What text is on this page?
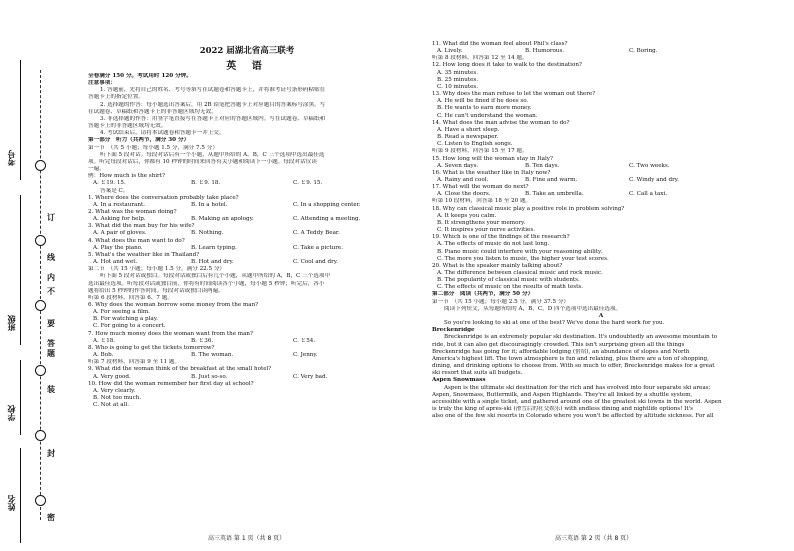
考号
班级
学校
姓名
订
线
内
不
要
答
题
装
封
密
2022 届湖北省高三联考
英 语

全卷满分 150 分。考试用时 120 分钟。

注意事项：

1. 答题前，先将自己的姓名、考号等填写在试题卷和答题卡上，并将准考证号条形码粘贴在

答题卡上的指定位置。

2. 选择题的作答：每小题选出答案后，用 2B 铅笔把答题卡上对应题目的答案标号涂黑。写

在试题卷、草稿纸和答题卡上的非答题区域均无效。

3. 非选择题的作答：用签字笔直接写在答题卡上对应的答题区域内。写在试题卷、草稿纸和

答题卡上的非答题区域均无效。

4. 考试结束后，请将本试题卷和答题卡一并上交。

第一部分　听力（共两节，满分 30 分）

第一节　（共 5 小题；每小题 1.5 分，满分 7.5 分）

听下面 5 段对话。每段对话后有一个小题，从题中所给的 A，B，C 三个选项中选出最佳选

项。听完每段对话后，你都有 10 秒钟的时间来回答有关小题和阅读下一小题。每段对话仅读

一遍。

例：How much is the shirt?

A. ￡19. 15.	B. ￡9. 18.	C. ￡9. 15.

答案是 C。

1. Where does the conversation probably take place?

A. In a restaurant.	B. In a hotel.	C. In a shopping center.

2. What was the woman doing?

A. Asking for help.	B. Making an apology.	C. Attending a meeting.

3. What did the man buy for his wife?

A. A pair of gloves.	B. Nothing.	C. A Teddy Bear.

4. What does the man want to do?

A. Play the piano.	B. Learn typing.	C. Take a picture.

5. What's the weather like in Thailand?

A. Hot and wet.	B. Hot and dry.	C. Cool and dry.

第二节　（共 15 小题；每小题 1.5 分，满分 22.5 分）

听下面 5 段对话或独白。每段对话或独白后有几个小题，从题中所给的 A，B，C 三个选项中

选出最佳选项。听每段对话或独白前，你将有时间阅读各个小题，每小题 5 秒钟；听完后，各小

题将给出 5 秒钟的作答时间。每段对话或独白读两遍。

听第 6 段材料，回答第 6、7 题。

6. Why does the woman borrow some money from the man?

A. For seeing a film.

B. For watching a play.

C. For going to a concert.

7. How much money does the woman want from the man?

A. ￡18.	B. ￡36.	C. ￡54.

8. Who is going to get the tickets tomorrow?

A. Bob.	B. The woman.	C. Jenny.

听第 7 段材料，回答第 9 至 11 题。

9. What did the woman think of the breakfast at the small hotel?

A. Very good.	B. Just so-so.	C. Very bad.

10. How did the woman remember her first day at school?

A. Very clearly.

B. Not too much.

C. Not at all.

11. What did the woman feel about Phil's class?

A. Lively.	B. Humorous.	C. Boring.

听第 8 段材料，回答第 12 至 14 题。

12. How long does it take to walk to the destination?

A. 35 minutes.

B. 25 minutes.

C. 10 minutes.

13. Why does the man refuse to let the woman out there?

A. He will be fined if he does so.

B. He wants to earn more money.

C. He can't understand the woman.

14. What does the man advise the woman to do?

A. Have a short sleep.

B. Read a newspaper.

C. Listen to English songs.

听第 9 段材料，回答第 15 至 17 题。

15. How long will the woman stay in Italy?

A. Seven days.	B. Ten days.	C. Two weeks.

16. What is the weather like in Italy now?

A. Rainy and cool.	B. Fine and warm.	C. Windy and dry.

17. What will the woman do next?

A. Close the doors.	B. Take an umbrella.	C. Call a taxi.

听第 10 段材料，回答第 18 至 20 题。

18. Why can classical music play a positive role in problem solving?

A. It keeps you calm.

B. It strengthens your memory.

C. It inspires your nerve activities.

19. Which is one of the findings of the research?

A. The effects of music do not last long.

B. Piano music could interfere with your reasoning ability.

C. The more you listen to music, the higher your test scores.

20. What is the speaker mainly talking about?

A. The difference between classical music and rock music.

B. The popularity of classical music with students.

C. The effects of music on the results of math tests.

第二部分　阅读（共两节，满分 50 分）

第一节　（共 15 小题；每小题 2.5 分，满分 37.5 分）

阅读下列短文，从每题所给的 A，B，C，D 四个选项中选出最佳选项。

A

So you're looking to ski at one of the best? We've done the hard work for you.

Breckenridge

Breckenridge is an extremely popular ski destination. It's undoubtedly an awesome mountain to

ride, but it can also get discouragingly crowded. This isn't surprising given all the things

Breckenridge has going for it; affordable lodging (借宿), an abundance of slopes and North

America's highest lift. The town atmosphere is fun and relaxing, plus there are a ton of shopping,

dining, and drinking options to choose from. With so much to offer, Breckenridge makes for a great

ski resort that suits all budgets.

Aspen Snowmass

Aspen is the ultimate ski destination for the rich and has evolved into four separate ski areas;

Aspen, Snowmass, Buttermilk, and Aspen Highlands. They're all linked by a shuttle system,

accessible with a single ticket, and gathered around one of the greatest ski towns in the world. Aspen

is truly the king of après-ski (滑雪后的社交娱乐) with endless dining and nightlife options! It's

also one of the few ski resorts in Colorado where you won't be affected by altitude sickness. For all

高三英语 第 1 页（共 8 页）	高三英语 第 2 页（共 8 页）
